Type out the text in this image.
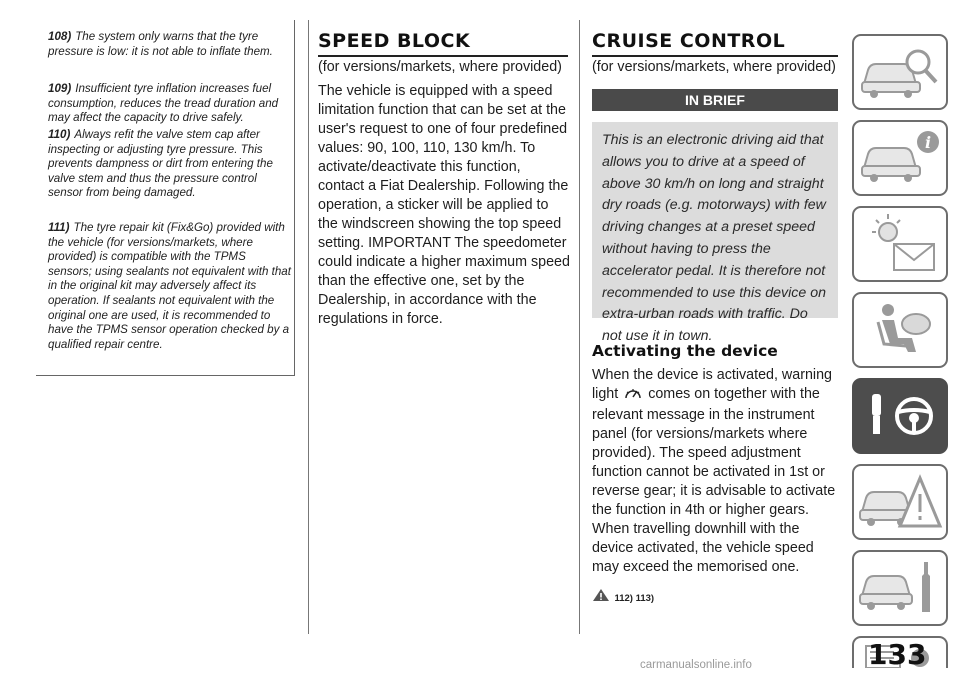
108) The system only warns that the tyre pressure is low: it is not able to inflate them.
109) Insufficient tyre inflation increases fuel consumption, reduces the tread duration and may affect the capacity to drive safely.
110) Always refit the valve stem cap after inspecting or adjusting tyre pressure. This prevents dampness or dirt from entering the valve stem and thus the pressure control sensor from being damaged.
111) The tyre repair kit (Fix&Go) provided with the vehicle (for versions/markets, where provided) is compatible with the TPMS sensors; using sealants not equivalent with that in the original kit may adversely affect its operation. If sealants not equivalent with the original one are used, it is recommended to have the TPMS sensor operation checked by a qualified repair centre.
SPEED BLOCK
(for versions/markets, where provided)
The vehicle is equipped with a speed limitation function that can be set at the user's request to one of four predefined values: 90, 100, 110, 130 km/h. To activate/deactivate this function, contact a Fiat Dealership. Following the operation, a sticker will be applied to the windscreen showing the top speed setting. IMPORTANT The speedometer could indicate a higher maximum speed than the effective one, set by the Dealership, in accordance with the regulations in force.
CRUISE CONTROL
(for versions/markets, where provided)
IN BRIEF
This is an electronic driving aid that allows you to drive at a speed of above 30 km/h on long and straight dry roads (e.g. motorways) with few driving changes at a preset speed without having to press the accelerator pedal. It is therefore not recommended to use this device on extra-urban roads with traffic. Do not use it in town.
Activating the device
When the device is activated, warning light comes on together with the relevant message in the instrument panel (for versions/markets where provided). The speed adjustment function cannot be activated in 1st or reverse gear; it is advisable to activate the function in 4th or higher gears. When travelling downhill with the device activated, the vehicle speed may exceed the memorised one.
112) 113)
i
133
carmanualsonline.info
